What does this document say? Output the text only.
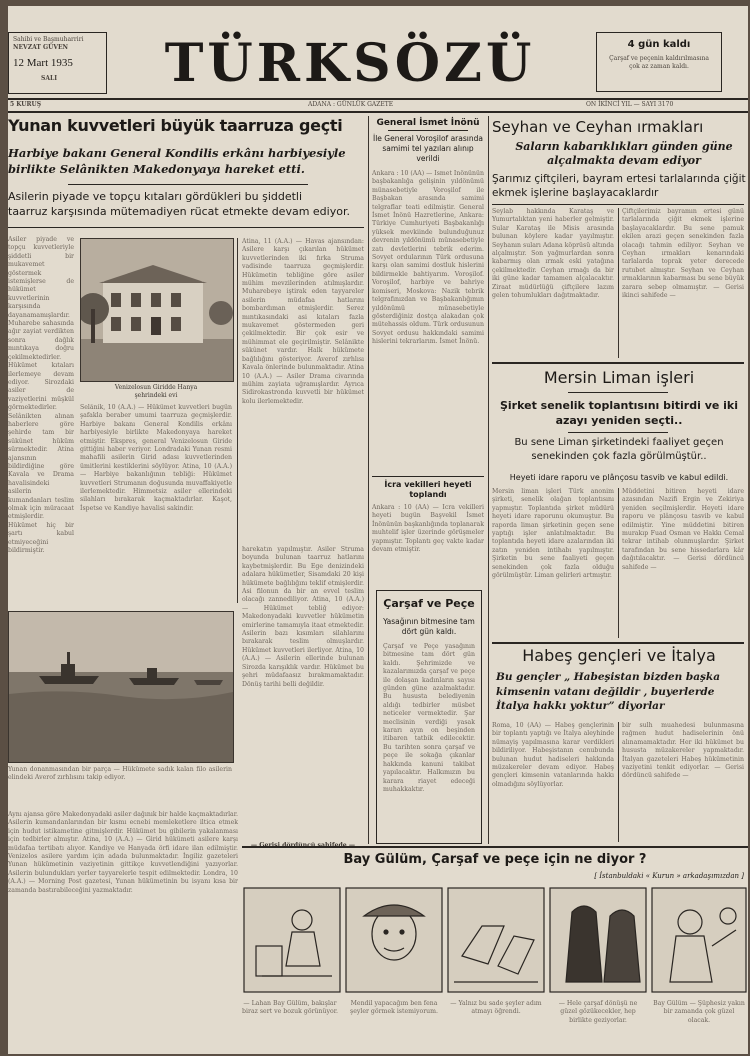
Sahibi ve Başmuharriri
NEVZAT GÜVEN
12 Mart 1935
SALI	TÜRKSÖZÜ	4 gün kaldı
Çarşaf ve peçenin kaldırılmasına çok az zaman kaldı.
5 KURUŞ	ADANA : GÜNLÜK GAZETE	ON İKİNCİ YIL — SAYI 3170
Yunan kuvvetleri büyük taarruza geçti
Harbiye bakanı General Kondilis erkânı harbiyesiyle
birlikte Selânikten Makedonyaya hareket etti.
Asilerin piyade ve topçu kıtaları gördükleri bu şiddetli
taarruz karşısında mütemadiyen rücat etmekte devam ediyor.
Asiler piyade ve topçu kuvvetleriyle şiddetli bir mukavemet göstermek istemişlerse de hükümet kuvvetlerinin karşısında dayanamamışlardır. Muharebe sahasında ağır zayiat verdikten sonra dağlık mıntıkaya doğru çekilmektedirler. Hükümet kıtaları ilerlemeye devam ediyor. Sirozdaki asiler de vaziyetlerini müşkül görmektedirler. Selânikten alınan haberlere göre şehirde tam bir sükûnet hüküm sürmektedir. Atina ajansının bildirdiğine göre Kavala ve Drama havalisindeki asilerin kumandanları teslim olmak için müracaat etmişlerdir. Hükümet hiç bir şartı kabul etmiyeceğini bildirmiştir.
Venizelosun Giridde Hanya
şehrindeki evi
Selânik, 10 (A.A.) — Hükümet kuvvetleri bugün şafakla beraber umumi taarruza geçmişlerdir. Harbiye bakanı General Kondilis erkânı harbiyesiyle birlikte Makedonyaya hareket etmiştir. Ekspres, general Venizelosun Giride gittiğini haber veriyor. Londradaki Yunan resmi mahafili asilerin Girid adası kuvvetlerinden ümitlerini kestiklerini söylüyor. Atina, 10 (A.A.) — Harbiye bakanlığının tebliği: Hükümet kuvvetleri Strumanın doğusunda muvaffakiyetle ilerlemektedir. Himmetsiz asiler ellerindeki silahları bırakarak kaçmaktadırlar. Kaşot, İspetse ve Kandiye havalisi sakindir.
Atina, 11 (A.A.) — Havas ajansından: Asilere karşı çıkarılan hükümet kuvvetlerinden iki fırka Struma vadisinde taarruza geçmişlerdir. Hükümetin tebliğine göre asiler mühim mevzilerinden atılmışlardır. Muharebeye iştirak eden tayyareler asilerin müdafaa hatlarını bombardıman etmişlerdir. Serez mıntıkasındaki asi kıtaları fazla mukavemet göstermeden geri çekilmektedir. Bir çok esir ve mühimmat ele geçirilmiştir. Selânikte sükûnet vardır. Halk hükümete bağlılığını gösteriyor. Averof zırhlısı Kavala önlerinde bulunmaktadır. Atina 10 (A.A.) — Asiler Drama civarında mühim zayiata uğramışlardır. Ayrıca Sidirokastronda kuvvetli bir hükümet kolu ilerlemektedir.
Yunan donanmasından bir parça — Hükümete sadık kalan filo asilerin elindeki Averof zırhlısını takip ediyor.
Aynı ajansa göre Makedonyadaki asiler dağınık bir halde kaçmaktadırlar. Asilerin kumandanlarından bir kısmı ecnebi memleketlere iltica etmek için hudut istikametine gitmişlerdir. Hükümet bu gibilerin yakalanması için tedbirler almıştır. Atina, 10 (A.A.) — Girid hükümeti asilere karşı müdafaa tertibatı alıyor. Kandiye ve Hanyada örfi idare ilan edilmiştir. Venizelos asilere yardım için adada bulunmaktadır. İngiliz gazeteleri Yunan hükümetinin vaziyetinin gittikçe kuvvetlendiğini yazıyorlar. Asilerin bulundukları yerler tayyarelerle tespit edilmektedir. Londra, 10 (A.A.) — Morning Post gazetesi, Yunan hükümetinin bu isyanı kısa bir zamanda bastırabileceğini yazmaktadır.
harekatın yapılmıştır. Asiler Struma boyunda bulunan taarruz hatlarını kaybetmişlerdir. Bu Ege denizindeki adalara hükümetler, Sisamdaki 20 kişi hükümete bağlılığını teklif etmişlerdir. Asi filonun da bir an evvel teslim olacağı zannediliyor. Atina, 10 (A.A.) — Hükümet tebliğ ediyor: Makedonyadaki kuvvetler hükümetin emirlerine tamamıyla itaat etmektedir. Asilerin bazı kısımları silahlarını bırakarak teslim olmuşlardır. Hükümet kuvvetleri ilerliyor. Atina, 10 (A.A.) — Asilerin ellerinde bulunan Sirozda karışıklık vardır. Hükümet bu şehri müdafaasız bırakmamaktadır. Dönüş tarihi belli değildir.
General İsmet İnönü
İle General Voroşilof arasında samimi tel yazıları alınıp verildi
Ankara : 10 (AA) — İsmet İnönünün başbakanlığa gelişinin yıldönümü münasebetiyle Voroşilof ile Başbakan arasında samimi telgraflar teati edilmiştir. General İsmet İnönü Hazretlerine, Ankara: Türkiye Cumhuriyeti Başbakanlığı yüksek mevkiinde bulunduğunuz devrenin yıldönümü münasebetiyle zatı devletlerini tebrik ederim. Sovyet ordularının Türk ordusuna karşı olan samimi dostluk hislerini bildirmekle bahtiyarım. Voroşilof. Voroşilof, harbiye ve bahriye komiseri, Moskova: Nazik tebrik telgrafınızdan ve Başbakanlığımın yıldönümü münasebetiyle gösterdiğiniz dostça alakadan çok mütehassis oldum. Türk ordusunun Sovyet ordusu hakkındaki samimi hislerini tekrarlarım. İsmet İnönü.
İcra vekilleri heyeti toplandı
Ankara : 10 (AA) — İcra vekilleri heyeti bugün Başvekil İsmet İnönünün başkanlığında toplanarak muhtelif işler üzerinde görüşmeler yapmıştır. Toplantı geç vakte kadar devam etmiştir.
Çarşaf ve Peçe
Yasağının bitmesine tam dört gün kaldı.
Çarşaf ve Peçe yasağının bitmesine tam dört gün kaldı. Şehrimizde ve kazalarımızda çarşaf ve peçe ile dolaşan kadınların sayısı günden güne azalmaktadır. Bu hususta belediyenin aldığı tedbirler müsbet neticeler vermektedir. Şar meclisinin verdiği yasak kararı ayın on beşinden itibaren tatbik edilecektir. Bu tarihten sonra çarşaf ve peçe ile sokağa çıkanlar hakkında kanuni takibat yapılacaktır. Halkımızın bu karara riayet edeceği muhakkaktır.
Seyhan ve Ceyhan ırmakları
Saların kabarıklıkları günden güne alçalmakta devam ediyor
Şarımız çiftçileri, bayram ertesi tarlalarında çiğit ekmek işlerine başlayacaklardır
Seylab hakkında Karataş ve Yumurtalıktan yeni haberler gelmiştir. Sular Karataş ile Misis arasında bulunan köylere kadar yayılmıştır. Seyhanın suları Adana köprüsü altında alçalmıştır. Son yağmurlardan sonra kabarmış olan ırmak eski yatağına çekilmektedir. Ceyhan ırmağı da bir iki güne kadar tamamen alçalacaktır. Ziraat müdürlüğü çiftçilere lazım gelen tohumlukları dağıtmaktadır.
Çiftçilerimiz bayramın ertesi günü tarlalarında çiğit ekmek işlerine başlayacaklardır. Bu sene pamuk ekilen arazi geçen senekinden fazla olacağı tahmin ediliyor. Seyhan ve Ceyhan ırmakları kenarındaki tarlalarda toprak yeter derecede rutubet almıştır. Seyhan ve Ceyhan ırmaklarının kabarması bu sene büyük zarara sebep olmamıştır. — Gerisi ikinci sahifede —
Mersin Liman işleri
Şirket senelik toplantısını bitirdi ve iki azayı yeniden seçti..
Bu sene Liman şirketindeki faaliyet geçen senekinden çok fazla görülmüştür..
Heyeti idare raporu ve plânçosu tasvib ve kabul edildi.
Mersin liman işleri Türk anonim şirketi, senelik olağan toplantısını yapmıştır. Toplantıda şirket müdürü heyeti idare raporunu okumuştur. Bu raporda liman şirketinin geçen sene yaptığı işler anlatılmaktadır. Bu toplantıda heyeti idare azalarından iki zatın yeniden intihabı yapılmıştır. Şirketin bu sene faaliyeti geçen senekinden çok fazla olduğu görülmüştür. Liman gelirleri artmıştır.
Müddetini bitiren heyeti idare azasından Nazifi Ergin ve Zekiriya yeniden seçilmişlerdir. Heyeti idare raporu ve plânçosu tasvib ve kabul edilmiştir. Yine müddetini bitiren murakıp Fuad Osman ve Hakkı Cemal tekrar intihab olunmuşlardır. Şirket tarafından bu sene hissedarlara kâr dağıtılacaktır. — Gerisi dördüncü sahifede —
Habeş gençleri ve İtalya
Bu gençler „ Habeşistan bizden başka kimsenin vatanı değildir , buyerlerde İtalya hakkı yoktur” diyorlar
Roma, 10 (AA) — Habeş gençlerinin bir toplantı yaptığı ve İtalya aleyhinde nümayiş yapılmasına karar verdikleri bildiriliyor. Habeşistanın cenubunda bulunan hudut hadiseleri hakkında müzakereler devam ediyor. Habeş gençleri kimsenin vatanlarında hakkı olmadığını söylüyorlar.
bir sulh muahedesi bulunmasına rağmen hudut hadiselerinin önü alınamamaktadır. Her iki hükümet bu hususta müzakereler yapmaktadır. İtalyan gazeteleri Habeş hükümetinin vaziyetini tenkit ediyorlar. — Gerisi dördüncü sahifede —
Bay Gülüm, Çarşaf ve peçe için ne diyor ?
[ İstanbuldaki « Kurun » arkadaşımızdan ]
— Lahan Bay Gülüm, bakışlar biraz sert ve bozuk görünüyor.
Mendil yapacağım ben fena şeyler görmek istemiyorum.
— Yalnız bu sade şeyler adım atmayı öğrendi.
— Hele çarşaf dönüşü ne güzel gözükecekler, hep birlikte geziyorlar.
Bay Gülüm — Şüphesiz yakın bir zamanda çok güzel olacak.
